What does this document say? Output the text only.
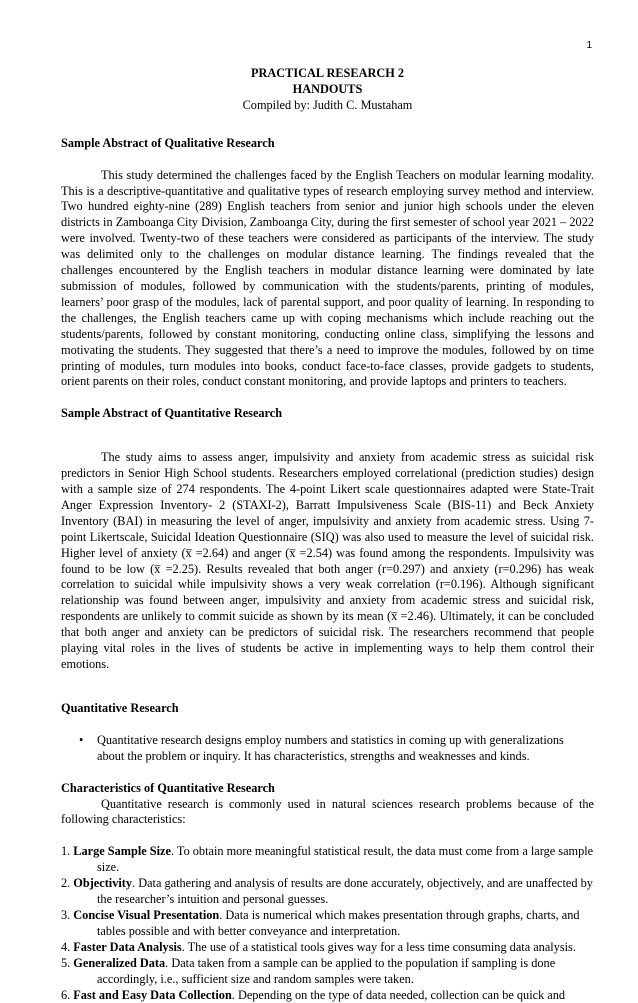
1
PRACTICAL RESEARCH 2
HANDOUTS
Compiled by: Judith C. Mustaham
Sample Abstract of Qualitative Research

This study determined the challenges faced by the English Teachers on modular learning modality. This is a descriptive-quantitative and qualitative types of research employing survey method and interview. Two hundred eighty-nine (289) English teachers from senior and junior high schools under the eleven districts in Zamboanga City Division, Zamboanga City, during the first semester of school year 2021 – 2022 were involved. Twenty-two of these teachers were considered as participants of the interview. The study was delimited only to the challenges on modular distance learning. The findings revealed that the challenges encountered by the English teachers in modular distance learning were dominated by late submission of modules, followed by communication with the students/parents, printing of modules, learners’ poor grasp of the modules, lack of parental support, and poor quality of learning. In responding to the challenges, the English teachers came up with coping mechanisms which include reaching out the students/parents, followed by constant monitoring, conducting online class, simplifying the lessons and motivating the students. They suggested that there’s a need to improve the modules, followed by on time printing of modules, turn modules into books, conduct face-to-face classes, provide gadgets to students, orient parents on their roles, conduct constant monitoring, and provide laptops and printers to teachers.

Sample Abstract of Quantitative Research

The study aims to assess anger, impulsivity and anxiety from academic stress as suicidal risk predictors in Senior High School students. Researchers employed correlational (prediction studies) design with a sample size of 274 respondents. The 4-point Likert scale questionnaires adapted were State-Trait Anger Expression Inventory- 2 (STAXI-2), Barratt Impulsiveness Scale (BIS-11) and Beck Anxiety Inventory (BAI) in measuring the level of anger, impulsivity and anxiety from academic stress. Using 7-point Likertscale, Suicidal Ideation Questionnaire (SIQ) was also used to measure the level of suicidal risk. Higher level of anxiety (x̅ =2.64) and anger (x̅ =2.54) was found among the respondents. Impulsivity was found to be low (x̅ =2.25). Results revealed that both anger (r=0.297) and anxiety (r=0.296) has weak correlation to suicidal while impulsivity shows a very weak correlation (r=0.196). Although significant relationship was found between anger, impulsivity and anxiety from academic stress and suicidal risk, respondents are unlikely to commit suicide as shown by its mean (x̅ =2.46). Ultimately, it can be concluded that both anger and anxiety can be predictors of suicidal risk. The researchers recommend that people playing vital roles in the lives of students be active in implementing ways to help them control their emotions.

Quantitative Research
• Quantitative research designs employ numbers and statistics in coming up with generalizations about the problem or inquiry. It has characteristics, strengths and weaknesses and kinds.
Characteristics of Quantitative Research

Quantitative research is commonly used in natural sciences research problems because of the following characteristics:

1. Large Sample Size. To obtain more meaningful statistical result, the data must come from a large sample size.
2. Objectivity. Data gathering and analysis of results are done accurately, objectively, and are unaffected by the researcher’s intuition and personal guesses.
3. Concise Visual Presentation. Data is numerical which makes presentation through graphs, charts, and tables possible and with better conveyance and interpretation.
4. Faster Data Analysis. The use of a statistical tools gives way for a less time consuming data analysis.
5. Generalized Data. Data taken from a sample can be applied to the population if sampling is done accordingly, i.e., sufficient size and random samples were taken.
6. Fast and Easy Data Collection. Depending on the type of data needed, collection can be quick and
